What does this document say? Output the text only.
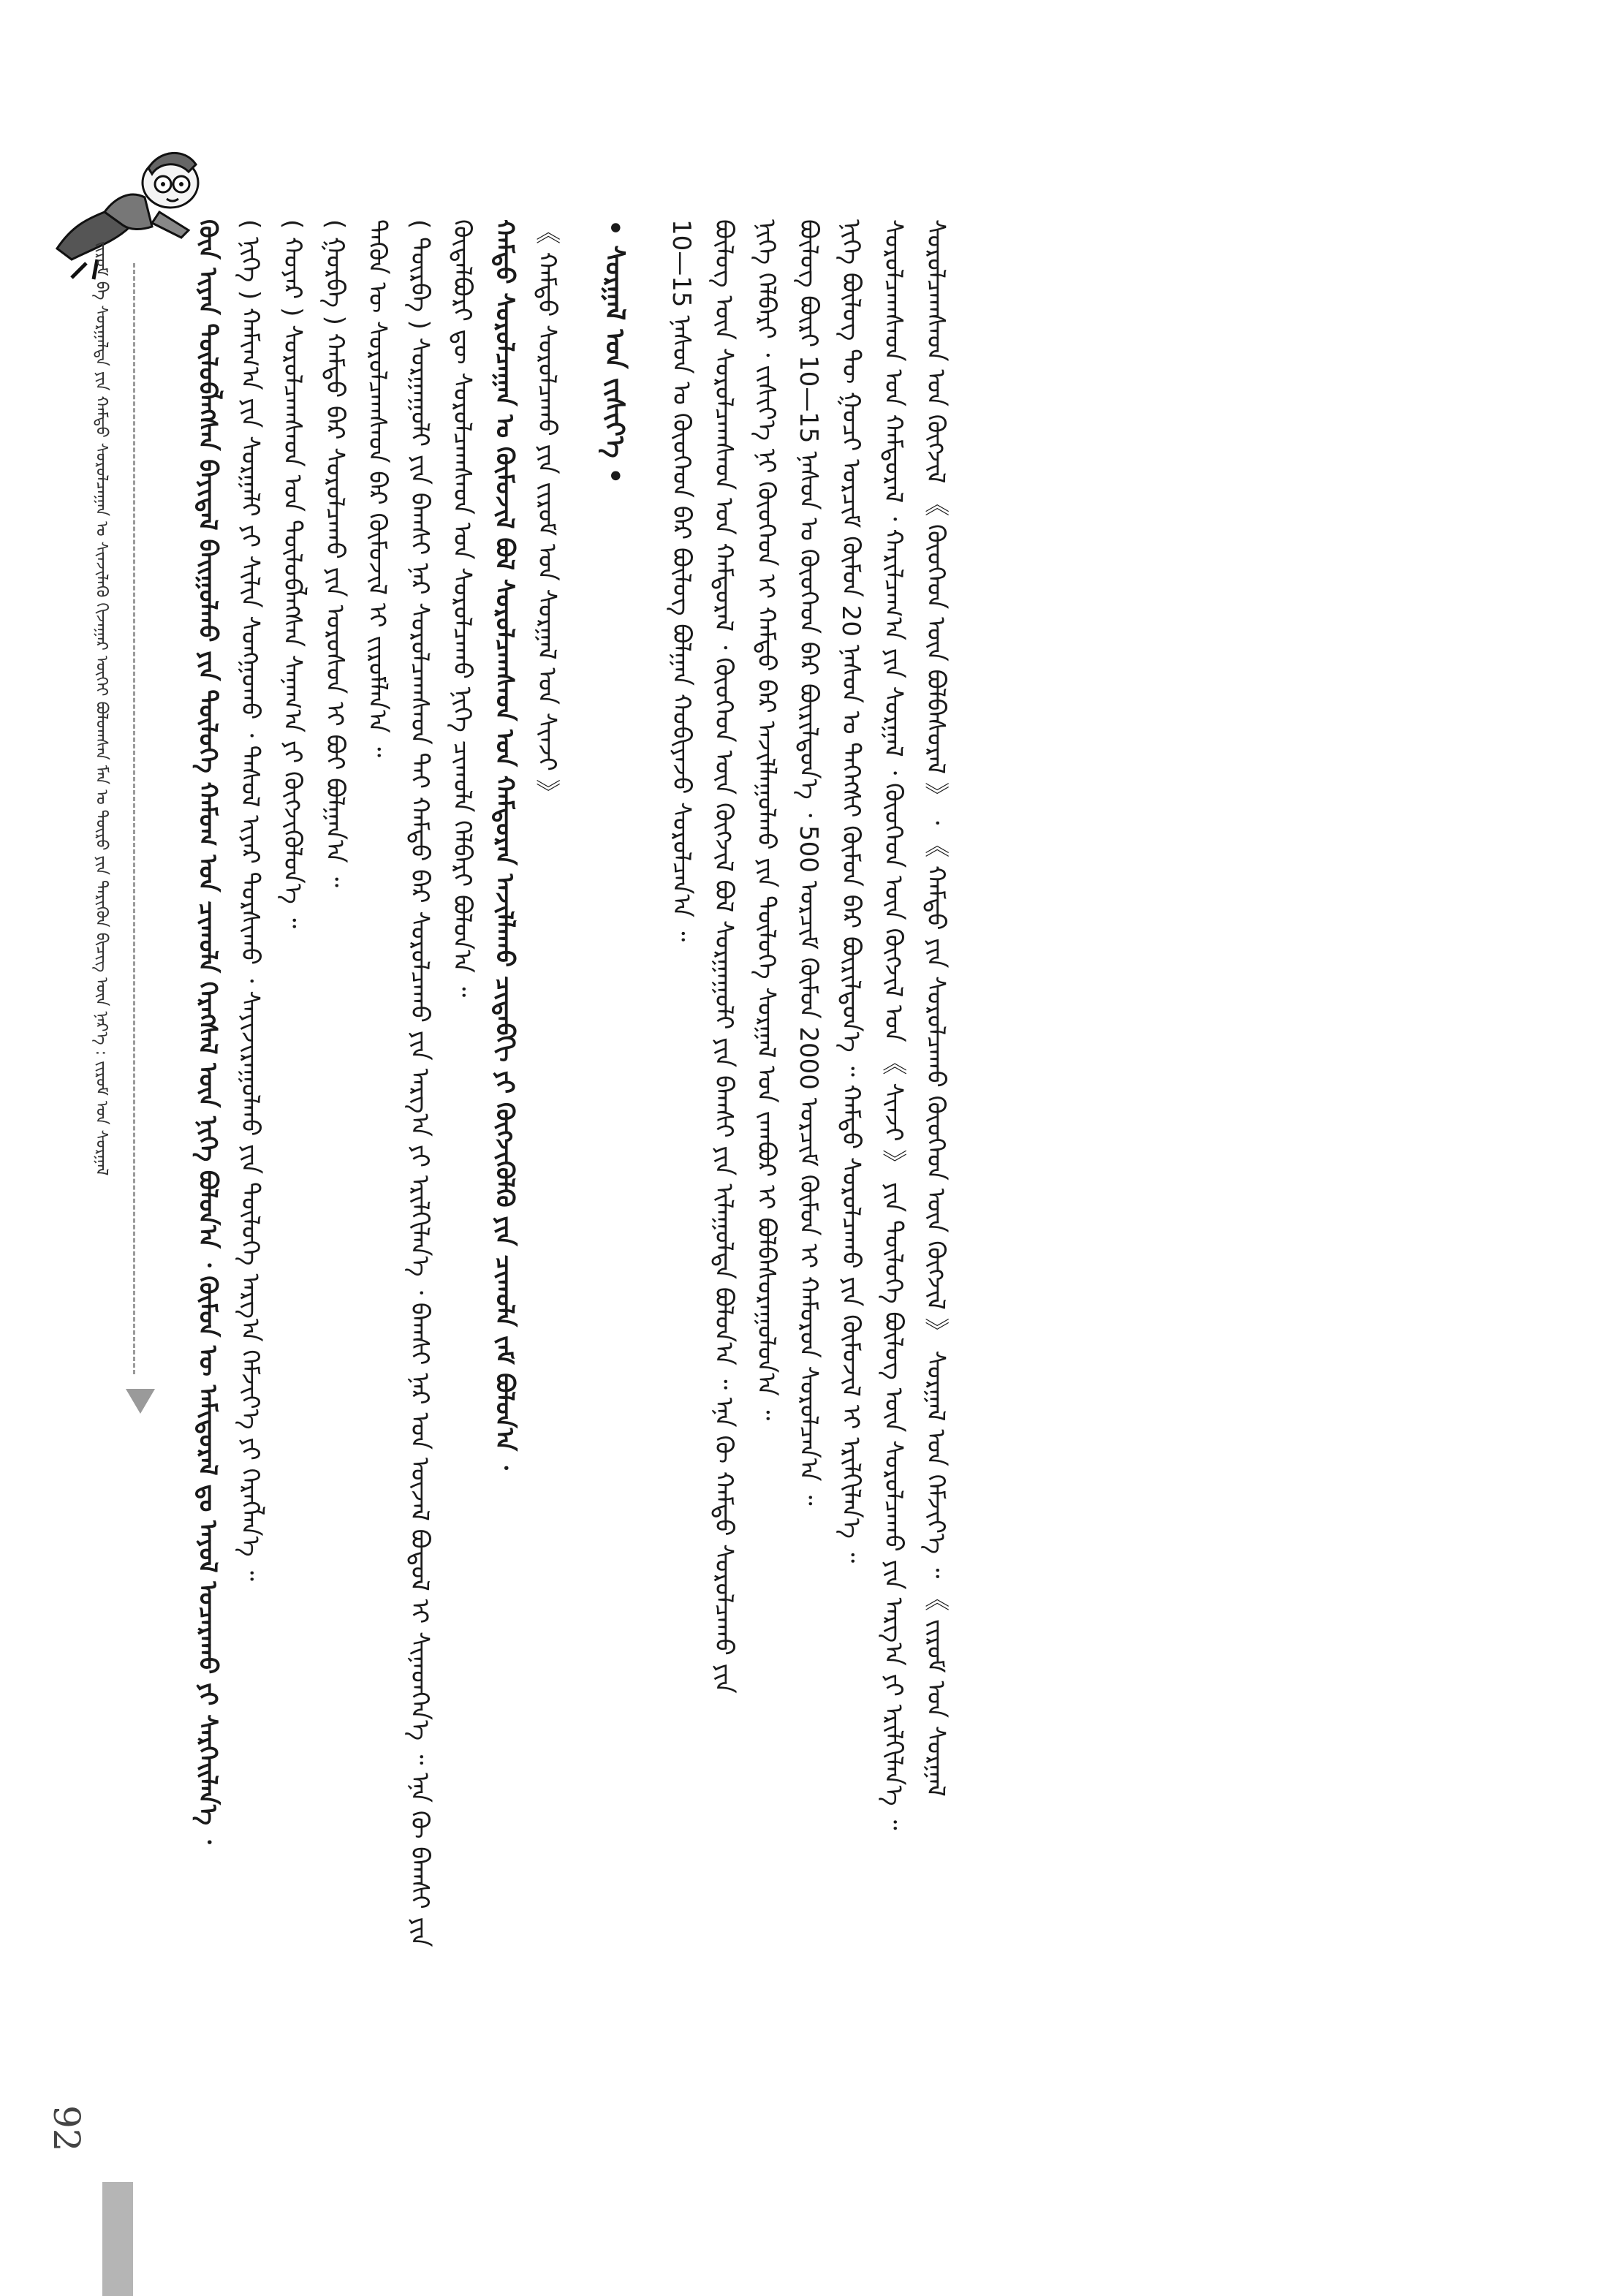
ᠵᠢᠷᠤᠮ ᠪᠠ ᠰᠤᠷᠭᠠᠯᠲᠠ ᠶᠢᠨ ᠬᠠᠮᠲᠤ ᠰᠤᠷᠤᠯᠴᠠᠭᠠᠨ ᠤ ᠰᠢᠨᠵᠢᠯᠡᠬᠦ ᠬᠢᠵᠠᠭᠠᠷ ᠦᠭᠡᠢ ᠪᠣᠯᠣᠭᠰᠠᠨ ᠮᠠᠨ ᠤ ᠲᠥᠷᠥ ᠶᠢᠨ ᠲᠡᠷᠢᠭᠦᠨ ᠪᠢᠴᠢᠭ ᠦᠨ ᠨᠡᠷ᠎ᠡ : ᠵᠢᠷᠤᠮ ᠤᠨ ᠰᠤᠷᠭᠠᠯ	ᠬᠦᠨ ᠢᠶᠡᠨ ᠲᠥᠯᠥᠪᠯᠡᠭᠰᠡᠨ ᠪᠠᠶᠢᠳᠠᠯ ᠪᠠᠢᠭᠤᠯᠬᠤ ᠶᠢᠨ ᠲᠥᠯᠥᠭᠡ ᠬᠠᠮᠤᠭ ᠤᠨ ᠴᠢᠬᠤᠯᠠ ᠬᠡᠷᠡᠭᠰᠡᠯ ᠦᠨ ᠨᠢᠭᠡ ᠪᠣᠯᠤᠨ᠎ᠠ ᠂ ᠬᠦᠮᠦᠨ ᠦ ᠠᠮᠢᠳᠤᠷᠠᠯ ᠳᠤ ᠠᠶᠤᠯ ᠤᠴᠠᠷᠠᠬᠤ ᠶᠢ ᠰᠡᠷᠭᠡᠢᠯᠡᠨ᠎ᠡ ᠂ ( ᠨᠢᠭᠡ ) ᠬᠠᠮᠢᠭ᠎ᠠ ᠶᠢᠨ ᠰᠤᠷᠭᠠᠯᠢ ᠶᠢ ᠰᠢᠯᠢᠨ ᠰᠣᠩᠭᠣᠬᠤ ᠂ ᠳᠠᠰᠤᠯ ᠢᠶᠡᠷ ᠲᠤᠷᠰᠢᠬᠤ ᠂ ᠰᠠᠶᠢᠵᠢᠷᠠᠭᠤᠯᠬᠤ ᠶᠢᠨ ᠲᠥᠯᠥᠭᠡ ᠠᠷᠭ᠎ᠠ ᠬᠡᠮᠵᠢᠶ᠎ᠡ ᠶᠢ ᠬᠡᠷᠡᠭᠯᠡᠨ᠎ᠡ ᠃ ( ᠬᠣᠶᠠᠷ ) ᠰᠤᠷᠤᠯᠴᠠᠭᠰᠠᠳ ᠤᠨ ᠲᠥᠯᠥᠪᠯᠡᠭᠰᠡᠨ ᠰᠠᠨᠠᠭ᠎ᠠ ᠶᠢ ᠬᠥᠭᠵᠢᠭᠦᠯᠦᠨ᠎ᠡ ᠃ ( ᠭᠤᠷᠪᠠ ) ᠬᠠᠮᠲᠤ ᠪᠡᠷ ᠰᠤᠷᠤᠯᠴᠠᠬᠤ ᠶᠢᠨ ᠤᠷᠤᠰᠤᠨ ᠢ ᠪᠤᠢ ᠪᠣᠯᠭᠠᠨ᠎ᠠ ᠃ ᠲᠡᠭᠦᠨ ᠦ ᠰᠤᠷᠤᠯᠴᠠᠭᠰᠠᠳ ᠪᠡᠷ ᠬᠦᠮᠦᠵᠢᠯ ᠢ ᠵᠢᠷᠤᠮᠯᠠᠨ᠎ᠠ ᠃ ( ᠳᠥᠷᠪᠡ ) ᠰᠤᠷᠭᠠᠭᠤᠯᠢ ᠶᠢᠨ ᠪᠠᠭᠰᠢ ᠨᠠᠷ ᠰᠤᠷᠤᠯᠴᠠᠭᠰᠠᠳ ᠲᠠᠢ ᠬᠠᠮᠲᠤ ᠪᠡᠷ ᠰᠤᠷᠤᠯᠴᠠᠬᠤ ᠶᠢᠨ ᠠᠷᠭ᠎ᠠ ᠶᠢ ᠡᠷᠢᠯᠬᠢᠯᠡᠨ᠎ᠡ ᠂ ᠪᠠᠭᠰᠢ ᠨᠠᠷ ᠤᠨ ᠦᠵᠡᠯ ᠪᠣᠳᠤᠯ ᠢ ᠰᠢᠨᠡᠳᠬᠡᠨ᠎ᠡ ᠃ ᠡᠨᠡ ᠬᠦ ᠪᠠᠭᠰᠢ ᠶᠢᠨ ᠬᠥᠲᠡᠯᠪᠦᠷᠢ ᠳᠦ ᠰᠤᠷᠤᠯᠴᠠᠭᠰᠠᠳ ᠤᠨ ᠰᠤᠷᠤᠯᠴᠠᠬᠤ ᠨᠢᠭᠡ ᠴᠢᠬᠤᠯᠠ ᠬᠡᠯᠪᠡᠷᠢ ᠪᠣᠯᠤᠨ᠎ᠠ ᠃ ᠬᠠᠮᠲᠤ ᠰᠤᠷᠤᠯᠴᠠᠭᠠᠨ ᠤ ᠬᠦᠮᠦᠵᠢᠯ ᠪᠣᠯ ᠰᠤᠷᠤᠯᠴᠠᠭᠰᠠᠳ ᠤᠨ ᠬᠠᠮᠲᠤᠷᠠᠨ ᠠᠵᠢᠯᠯᠠᠬᠤ ᠴᠢᠳᠠᠪᠬᠢ ᠶᠢ ᠬᠥᠭᠵᠢᠭᠦᠯᠬᠦ ᠶᠢᠨ ᠴᠢᠬᠤᠯᠠ ᠵᠠᠮ ᠪᠣᠯᠤᠨ᠎ᠠ ᠂ 《 ᠬᠠᠮᠲᠤ ᠰᠤᠷᠤᠯᠴᠠᠬᠤ ᠶᠢᠨ ᠵᠢᠷᠤᠮ ᠤᠨ ᠰᠤᠷᠭᠠᠯ ᠤᠨ ᠰᠢᠨᠵᠢ 》 • ᠰᠤᠷᠭᠠᠯ ᠤᠨ ᠵᠢᠱᠢᠶ᠎ᠡ • 10—15 ᠨᠠᠰᠤᠨ ᠤ ᠬᠦᠦᠬᠡᠳ ᠪᠡᠷ ᠪᠦᠯᠦᠭ ᠪᠣᠯᠭᠠᠨ ᠬᠤᠪᠢᠶᠠᠵᠤ ᠰᠤᠷᠤᠯᠴᠠᠨ᠎ᠠ ᠃ ᠪᠦᠯᠦᠭ ᠦᠨ ᠰᠤᠷᠤᠯᠴᠠᠭᠰᠠᠳ ᠤᠨ ᠬᠠᠮᠲᠤᠷᠠᠯ ᠂ ᠬᠦᠦᠬᠡᠳ ᠦᠨ ᠬᠥᠭᠵᠢᠯ ᠪᠣᠯ ᠰᠤᠷᠭᠠᠭᠤᠯᠢ ᠶᠢᠨ ᠪᠠᠭᠰᠢ ᠶᠢᠨ ᠢᠯᠠᠭᠤᠯᠲᠠ ᠪᠣᠯᠤᠨ᠎ᠠ ᠃ ᠡᠨᠡ ᠬᠦ ᠬᠠᠮᠲᠤ ᠰᠤᠷᠤᠯᠴᠠᠬᠤ ᠶᠢᠨ ᠨᠢᠭᠡ ᠬᠡᠯᠪᠡᠷᠢ ᠂ ᠵᠢᠱᠢᠶ᠎ᠡ ᠨᠢ ᠬᠦᠦᠬᠡᠳ ᠢ ᠬᠠᠮᠲᠤ ᠪᠡᠷ ᠠᠵᠢᠯᠯᠠᠭᠤᠯᠬᠤ ᠶᠢᠨ ᠲᠥᠯᠥᠭᠡ ᠰᠤᠷᠭᠠᠯ ᠤᠨ ᠵᠠᠭᠪᠤᠷ ᠢ ᠪᠣᠯᠪᠠᠰᠤᠷᠠᠭᠤᠯᠤᠨ᠎ᠠ ᠃ ᠪᠦᠯᠦᠭ ᠪᠦᠷᠢ 10—15 ᠨᠠᠰᠤᠨ ᠤ ᠬᠦᠦᠬᠡᠳ ᠪᠡᠷ ᠪᠦᠷᠢᠯᠳᠦᠨ᠎ᠡ ᠂ 500 ᠣᠷᠴᠢᠮ ᠬᠦᠮᠦᠨ 2000 ᠣᠷᠴᠢᠮ ᠬᠦᠮᠦᠨ ᠢ ᠬᠠᠮᠤᠷᠤᠨ ᠰᠤᠷᠤᠯᠴᠠᠨ᠎ᠠ ᠃ ᠨᠢᠭᠡ ᠪᠦᠯᠦᠭ ᠲᠦ ᠭᠤᠴᠢ ᠣᠷᠴᠢᠮ ᠬᠦᠮᠦᠨ 20 ᠨᠠᠰᠤᠨ ᠤ ᠳᠡᠭᠡᠭᠰᠢ ᠬᠦᠮᠦᠨ ᠪᠡᠷ ᠪᠦᠷᠢᠯᠳᠦᠨ᠎ᠡ ᠃ ᠬᠠᠮᠲᠤ ᠰᠤᠷᠤᠯᠴᠠᠬᠤ ᠶᠢᠨ ᠬᠦᠮᠦᠵᠢᠯ ᠢ ᠡᠷᠢᠯᠬᠢᠯᠡᠨ᠎ᠡ ᠃ ᠰᠤᠷᠤᠯᠴᠠᠭᠰᠠᠳ ᠤᠨ ᠬᠠᠮᠲᠤᠷᠠᠯ ᠂ ᠬᠠᠷᠢᠯᠴᠠᠭ᠎ᠠ ᠶᠢᠨ ᠰᠤᠷᠭᠠᠯ ᠂ ᠬᠦᠦᠬᠡᠳ ᠦᠨ ᠬᠥᠭᠵᠢᠯ ᠤᠨ 《 ᠰᠢᠨᠵᠢ 》 ᠶᠢᠨ ᠲᠥᠯᠥᠭᠡ ᠪᠦᠯᠦᠭ ᠦᠨ ᠰᠤᠷᠤᠯᠴᠠᠬᠤ ᠶᠢᠨ ᠠᠷᠭ᠎ᠠ ᠶᠢ ᠡᠷᠢᠯᠬᠢᠯᠡᠨ᠎ᠡ ᠃ ᠰᠤᠷᠤᠯᠴᠠᠭᠰᠠᠳ ᠤᠨ ᠬᠥᠭᠵᠢᠯ 《 ᠬᠦᠦᠬᠡᠳ ᠦᠨ ᠪᠣᠯᠪᠠᠰᠤᠷᠠᠯ 》 ᠂ 《 ᠬᠠᠮᠲᠤ ᠶᠢᠨ ᠰᠤᠷᠤᠯᠴᠠᠬᠤ ᠬᠦᠦᠬᠡᠳ ᠦᠨ ᠬᠥᠭᠵᠢᠯ 》 ᠰᠤᠷᠭᠠᠯ ᠤᠨ ᠬᠡᠮᠵᠢᠶ᠎ᠡ ᠃ 《 ᠵᠢᠷᠤᠮ ᠤᠨ ᠰᠤᠷᠭᠠᠯ
92
